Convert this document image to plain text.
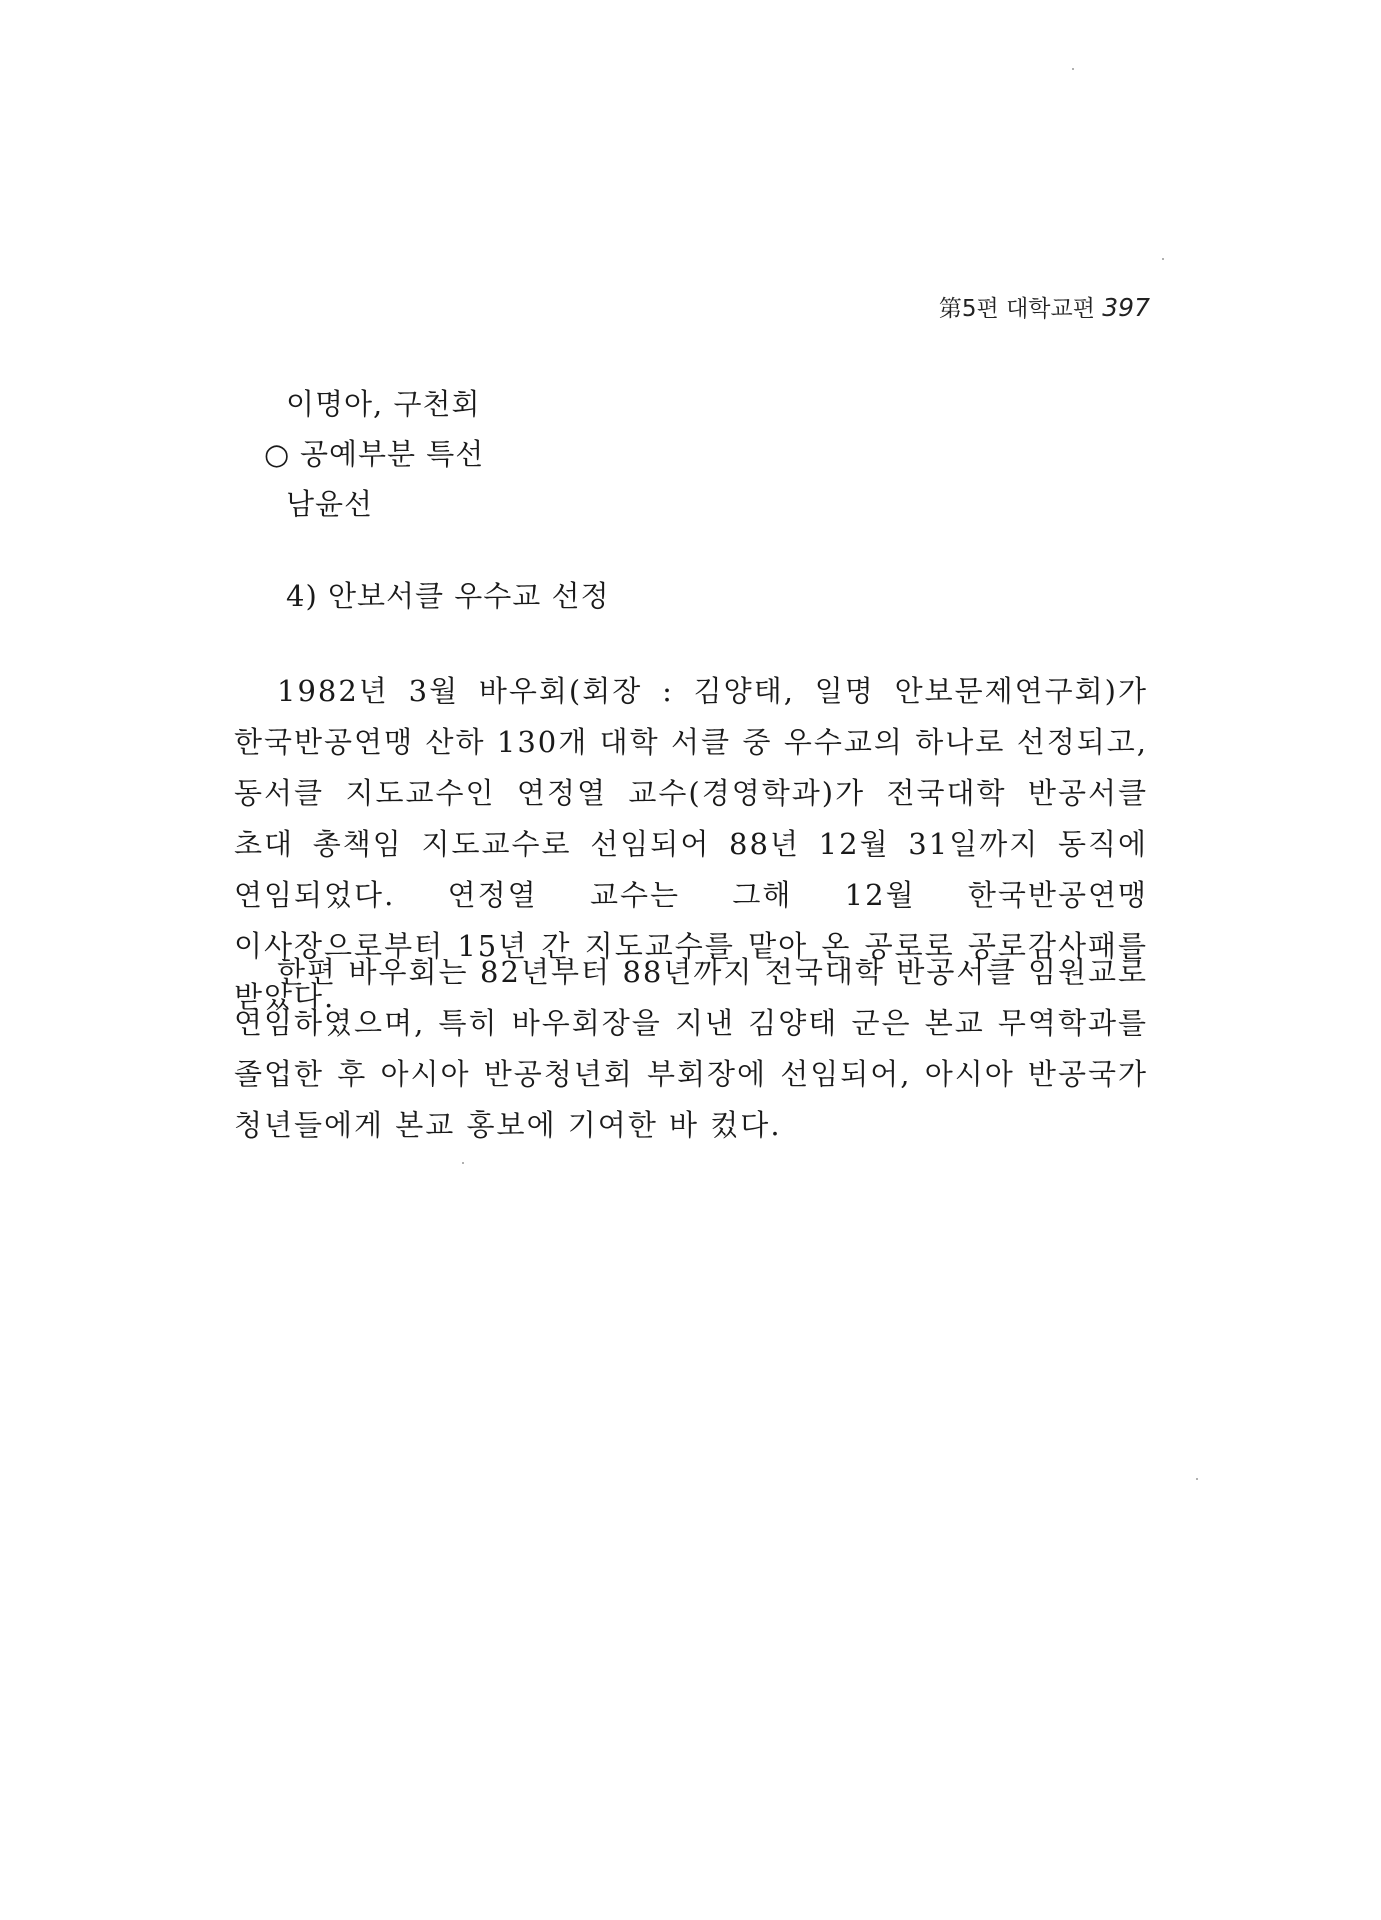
第5편 대학교편 397
이명아, 구천회
○ 공예부분 특선
남윤선
4) 안보서클 우수교 선정

1982년 3월 바우회(회장 : 김양태, 일명 안보문제연구회)가 한국반공연맹 산하 130개 대학 서클 중 우수교의 하나로 선정되고, 동서클 지도교수인 연정열 교수(경영학과)가 전국대학 반공서클 초대 총책임 지도교수로 선임되어 88년 12월 31일까지 동직에 연임되었다. 연정열 교수는 그해 12월 한국반공연맹 이사장으로부터 15년 간 지도교수를 맡아 온 공로로 공로감사패를 받았다.

한편 바우회는 82년부터 88년까지 전국대학 반공서클 임원교로 연임하였으며, 특히 바우회장을 지낸 김양태 군은 본교 무역학과를 졸업한 후 아시아 반공청년회 부회장에 선임되어, 아시아 반공국가 청년들에게 본교 홍보에 기여한 바 컸다.
